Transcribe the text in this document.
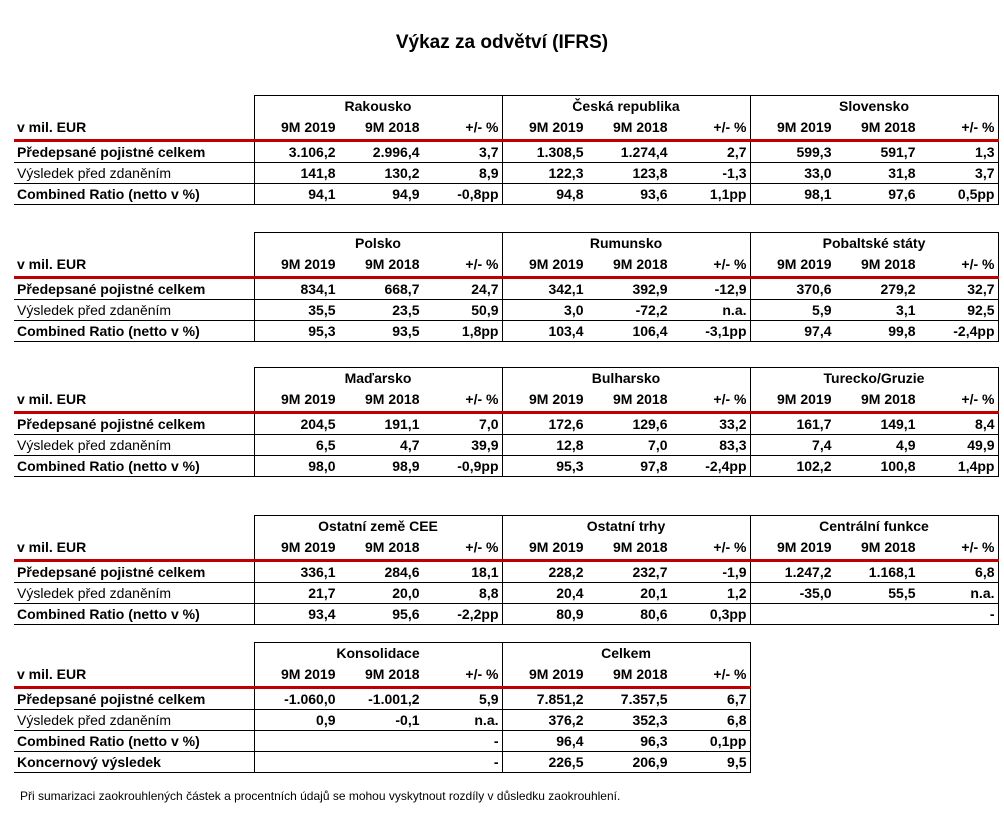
Výkaz za odvětví (IFRS)
	Rakousko			Česká republika			Slovensko		
v mil. EUR	9M 2019	9M 2018	+/- %	9M 2019	9M 2018	+/- %	9M 2019	9M 2018	+/- %
Předepsané pojistné celkem	3.106,2	2.996,4	3,7	1.308,5	1.274,4	2,7	599,3	591,7	1,3
Výsledek před zdaněním	141,8	130,2	8,9	122,3	123,8	-1,3	33,0	31,8	3,7
Combined Ratio (netto v %)	94,1	94,9	-0,8pp	94,8	93,6	1,1pp	98,1	97,6	0,5pp
	Polsko			Rumunsko			Pobaltské státy		
v mil. EUR	9M 2019	9M 2018	+/- %	9M 2019	9M 2018	+/- %	9M 2019	9M 2018	+/- %
Předepsané pojistné celkem	834,1	668,7	24,7	342,1	392,9	-12,9	370,6	279,2	32,7
Výsledek před zdaněním	35,5	23,5	50,9	3,0	-72,2	n.a.	5,9	3,1	92,5
Combined Ratio (netto v %)	95,3	93,5	1,8pp	103,4	106,4	-3,1pp	97,4	99,8	-2,4pp
	Maďarsko			Bulharsko			Turecko/Gruzie		
v mil. EUR	9M 2019	9M 2018	+/- %	9M 2019	9M 2018	+/- %	9M 2019	9M 2018	+/- %
Předepsané pojistné celkem	204,5	191,1	7,0	172,6	129,6	33,2	161,7	149,1	8,4
Výsledek před zdaněním	6,5	4,7	39,9	12,8	7,0	83,3	7,4	4,9	49,9
Combined Ratio (netto v %)	98,0	98,9	-0,9pp	95,3	97,8	-2,4pp	102,2	100,8	1,4pp
	Ostatní země CEE			Ostatní trhy			Centrální funkce		
v mil. EUR	9M 2019	9M 2018	+/- %	9M 2019	9M 2018	+/- %	9M 2019	9M 2018	+/- %
Předepsané pojistné celkem	336,1	284,6	18,1	228,2	232,7	-1,9	1.247,2	1.168,1	6,8
Výsledek před zdaněním	21,7	20,0	8,8	20,4	20,1	1,2	-35,0	55,5	n.a.
Combined Ratio (netto v %)	93,4	95,6	-2,2pp	80,9	80,6	0,3pp			-
	Konsolidace			Celkem		
v mil. EUR	9M 2019	9M 2018	+/- %	9M 2019	9M 2018	+/- %
Předepsané pojistné celkem	-1.060,0	-1.001,2	5,9	7.851,2	7.357,5	6,7
Výsledek před zdaněním	0,9	-0,1	n.a.	376,2	352,3	6,8
Combined Ratio (netto v %)			-	96,4	96,3	0,1pp
Koncernový výsledek			-	226,5	206,9	9,5
Při sumarizaci zaokrouhlených částek a procentních údajů se mohou vyskytnout rozdíly v důsledku zaokrouhlení.
